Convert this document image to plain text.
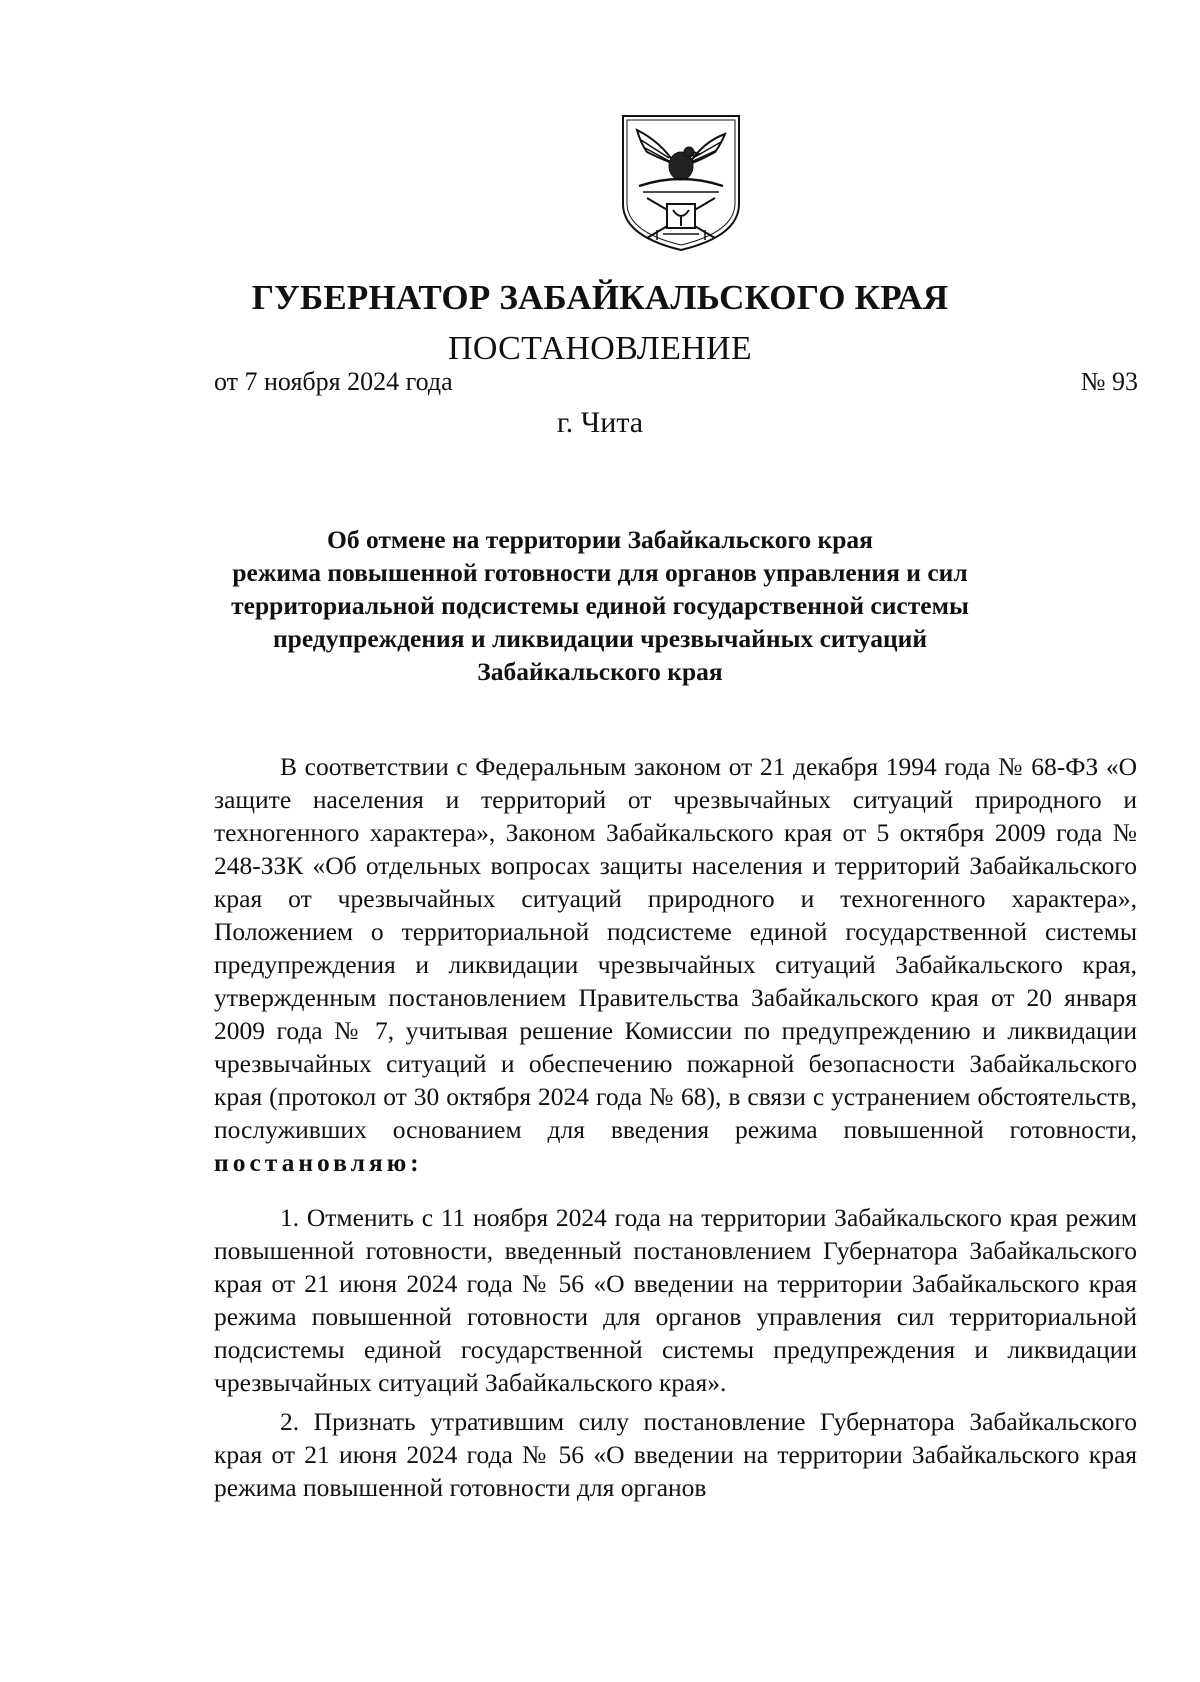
ГУБЕРНАТОР ЗАБАЙКАЛЬСКОГО КРАЯ
ПОСТАНОВЛЕНИЕ
от 7 ноября 2024 года	№ 93
г. Чита
Об отмене на территории Забайкальского края
режима повышенной готовности для органов управления и сил
территориальной подсистемы единой государственной системы
предупреждения и ликвидации чрезвычайных ситуаций
Забайкальского края

В соответствии с Федеральным законом от 21 декабря 1994 года № 68-ФЗ «О защите населения и территорий от чрезвычайных ситуаций природного и техногенного характера», Законом Забайкальского края от 5 октября 2009 года № 248-ЗЗК «Об отдельных вопросах защиты населения и территорий Забайкальского края от чрезвычайных ситуаций природного и техногенного характера», Положением о территориальной подсистеме единой государственной системы предупреждения и ликвидации чрезвычайных ситуаций Забайкальского края, утвержденным постановлением Правительства Забайкальского края от 20 января 2009 года № 7, учитывая решение Комиссии по предупреждению и ликвидации чрезвычайных ситуаций и обеспечению пожарной безопасности Забайкальского края (протокол от 30 октября 2024 года № 68), в связи с устранением обстоятельств, послуживших основанием для введения режима повышенной готовности, постановляю:

1. Отменить с 11 ноября 2024 года на территории Забайкальского края режим повышенной готовности, введенный постановлением Губернатора Забайкальского края от 21 июня 2024 года № 56 «О введении на территории Забайкальского края режима повышенной готовности для органов управления сил территориальной подсистемы единой государственной системы предупреждения и ликвидации чрезвычайных ситуаций Забайкальского края».

2. Признать утратившим силу постановление Губернатора Забайкальского края от 21 июня 2024 года № 56 «О введении на территории Забайкальского края режима повышенной готовности для органов
